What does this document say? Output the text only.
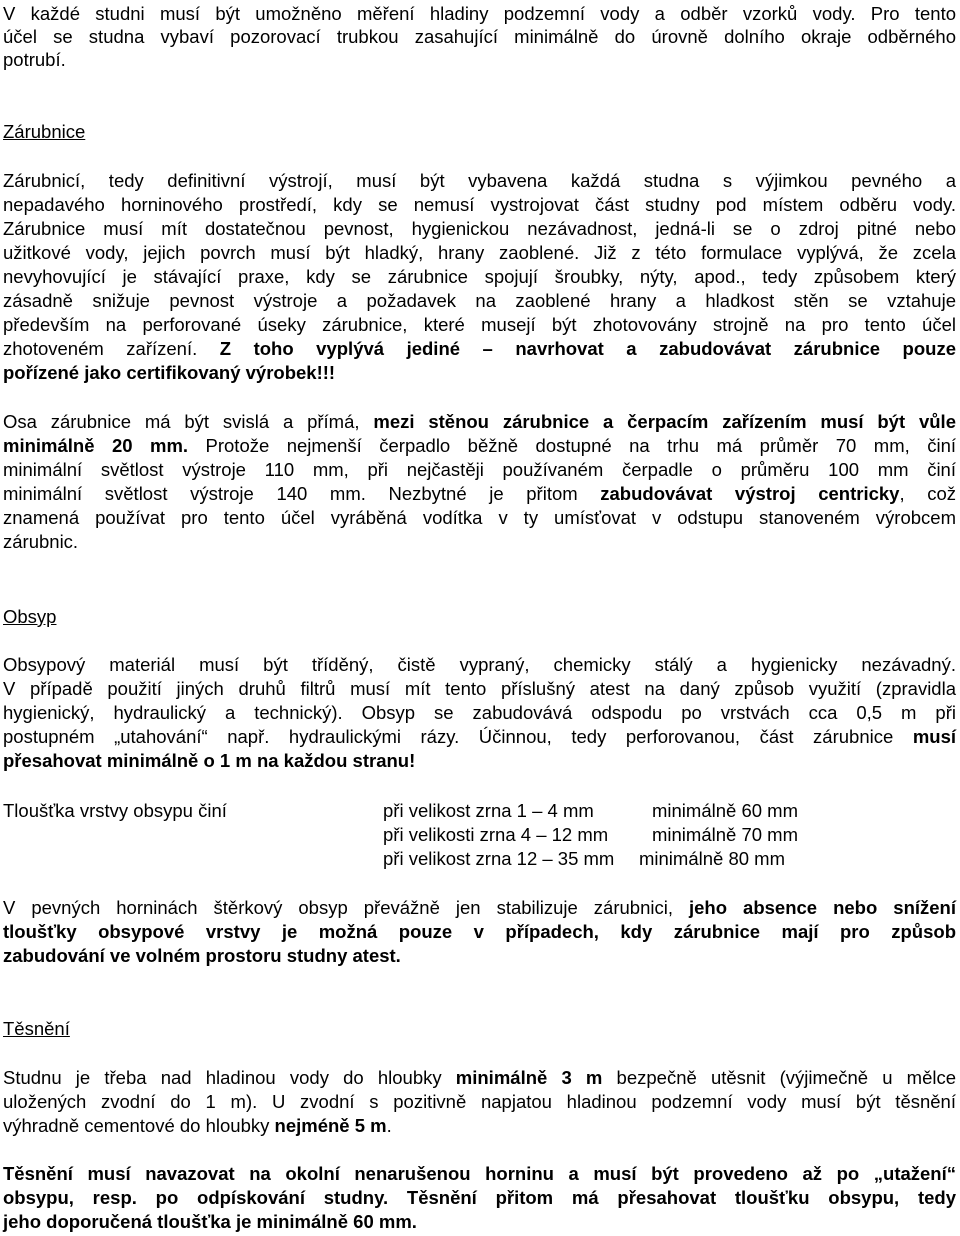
V každé studni musí být umožněno měření hladiny podzemní vody a odběr vzorků vody. Pro tento
účel se studna vybaví pozorovací trubkou zasahující minimálně do úrovně dolního okraje odběrného
potrubí.
Zárubnice
Zárubnicí, tedy definitivní výstrojí, musí být vybavena každá studna s výjimkou pevného a
nepadavého horninového prostředí, kdy se nemusí vystrojovat část studny pod místem odběru vody.
Zárubnice musí mít dostatečnou pevnost, hygienickou nezávadnost, jedná-li se o zdroj pitné nebo
užitkové vody, jejich povrch musí být hladký, hrany zaoblené. Již z této formulace vyplývá, že zcela
nevyhovující je stávající praxe, kdy se zárubnice spojují šroubky, nýty, apod., tedy způsobem který
zásadně snižuje pevnost výstroje a požadavek na zaoblené hrany a hladkost stěn se vztahuje
především na perforované úseky zárubnice, které musejí být zhotovovány strojně na pro tento účel
zhotoveném zařízení. Z toho vyplývá jediné – navrhovat a zabudovávat zárubnice pouze
pořízené jako certifikovaný výrobek!!!
Osa zárubnice má být svislá a přímá, mezi stěnou zárubnice a čerpacím zařízením musí být vůle
minimálně 20 mm. Protože nejmenší čerpadlo běžně dostupné na trhu má průměr 70 mm, činí
minimální světlost výstroje 110 mm, při nejčastěji používaném čerpadle o průměru 100 mm činí
minimální světlost výstroje 140 mm. Nezbytné je přitom zabudovávat výstroj centricky, což
znamená používat pro tento účel vyráběná vodítka v ty umísťovat v odstupu stanoveném výrobcem
zárubnic.
Obsyp
Obsypový materiál musí být tříděný, čistě vypraný, chemicky stálý a hygienicky nezávadný.
V případě použití jiných druhů filtrů musí mít tento příslušný atest na daný způsob využití (zpravidla
hygienický, hydraulický a technický). Obsyp se zabudovává odspodu po vrstvách cca 0,5 m při
postupném „utahování“ např. hydraulickými rázy. Účinnou, tedy perforovanou, část zárubnice musí
přesahovat minimálně o 1 m na každou stranu!
Tloušťka vrstvy obsypu činí	při velikost zrna 1 – 4 mm	minimálně 60 mm
při velikosti zrna 4 – 12 mm minimálně 70 mm
při velikost zrna 12 – 35 mm minimálně 80 mm
V pevných horninách štěrkový obsyp převážně jen stabilizuje zárubnici, jeho absence nebo snížení
tloušťky obsypové vrstvy je možná pouze v případech, kdy zárubnice mají pro způsob
zabudování ve volném prostoru studny atest.
Těsnění
Studnu je třeba nad hladinou vody do hloubky minimálně 3 m bezpečně utěsnit (výjimečně u mělce
uložených zvodní do 1 m). U zvodní s pozitivně napjatou hladinou podzemní vody musí být těsnění
výhradně cementové do hloubky nejméně 5 m.
Těsnění musí navazovat na okolní nenarušenou horninu a musí být provedeno až po „utažení“
obsypu, resp. po odpískování studny. Těsnění přitom má přesahovat tloušťku obsypu, tedy
jeho doporučená tloušťka je minimálně 60 mm.
